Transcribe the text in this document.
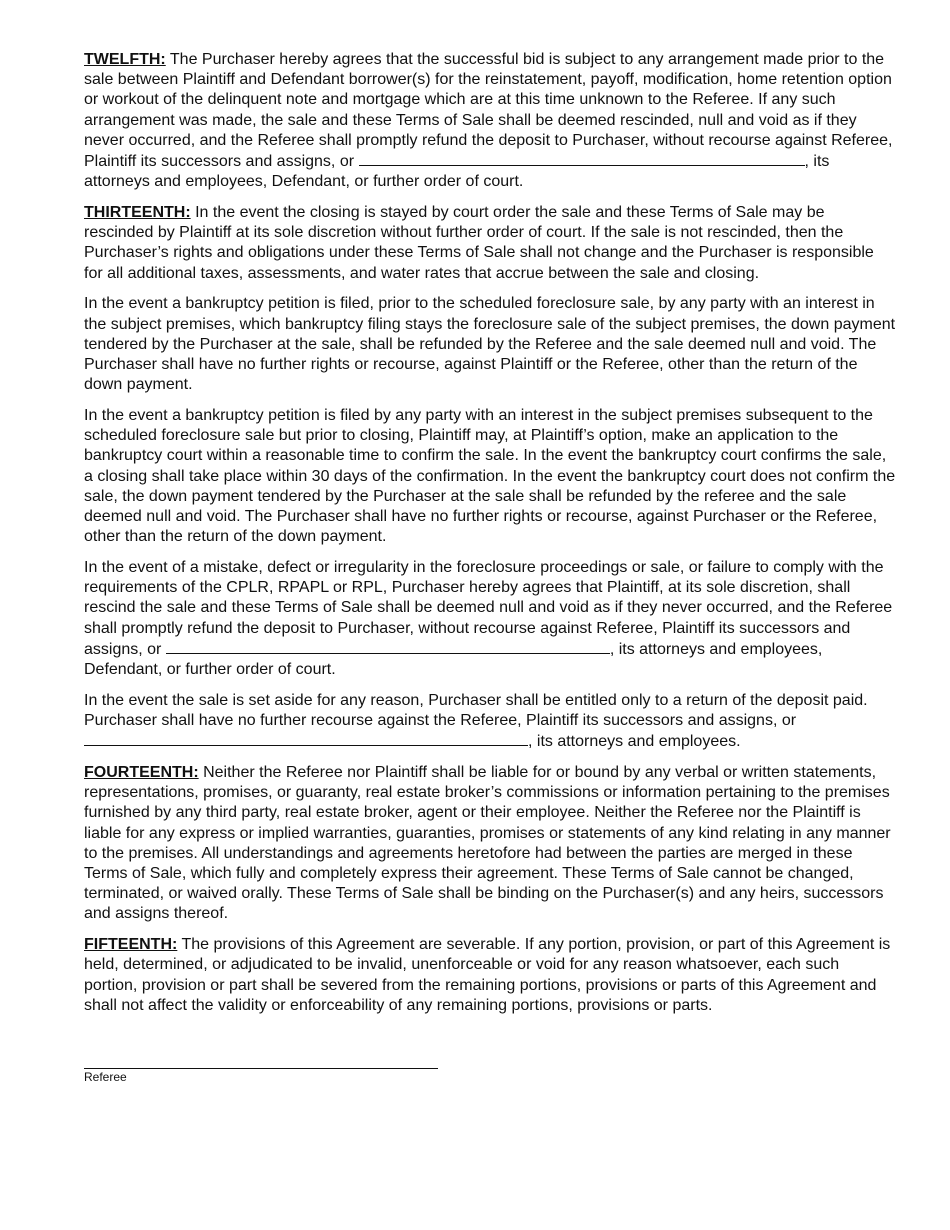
TWELFTH: The Purchaser hereby agrees that the successful bid is subject to any arrangement made prior to the sale between Plaintiff and Defendant borrower(s) for the reinstatement, payoff, modification, home retention option or workout of the delinquent note and mortgage which are at this time unknown to the Referee. If any such arrangement was made, the sale and these Terms of Sale shall be deemed rescinded, null and void as if they never occurred, and the Referee shall promptly refund the deposit to Purchaser, without recourse against Referee, Plaintiff its successors and assigns, or	, its attorneys and employees, Defendant, or further order of court.

THIRTEENTH: In the event the closing is stayed by court order the sale and these Terms of Sale may be rescinded by Plaintiff at its sole discretion without further order of court. If the sale is not rescinded, then the Purchaser’s rights and obligations under these Terms of Sale shall not change and the Purchaser is responsible for all additional taxes, assessments, and water rates that accrue between the sale and closing.

In the event a bankruptcy petition is filed, prior to the scheduled foreclosure sale, by any party with an interest in the subject premises, which bankruptcy filing stays the foreclosure sale of the subject premises, the down payment tendered by the Purchaser at the sale, shall be refunded by the Referee and the sale deemed null and void. The Purchaser shall have no further rights or recourse, against Plaintiff or the Referee, other than the return of the down payment.

In the event a bankruptcy petition is filed by any party with an interest in the subject premises subsequent to the scheduled foreclosure sale but prior to closing, Plaintiff may, at Plaintiff’s option, make an application to the bankruptcy court within a reasonable time to confirm the sale. In the event the bankruptcy court confirms the sale, a closing shall take place within 30 days of the confirmation. In the event the bankruptcy court does not confirm the sale, the down payment tendered by the Purchaser at the sale shall be refunded by the referee and the sale deemed null and void. The Purchaser shall have no further rights or recourse, against Purchaser or the Referee, other than the return of the down payment.

In the event of a mistake, defect or irregularity in the foreclosure proceedings or sale, or failure to comply with the requirements of the CPLR, RPAPL or RPL, Purchaser hereby agrees that Plaintiff, at its sole discretion, shall rescind the sale and these Terms of Sale shall be deemed null and void as if they never occurred, and the Referee shall promptly refund the deposit to Purchaser, without recourse against Referee, Plaintiff its successors and assigns, or	, its attorneys and employees, Defendant, or further order of court.

In the event the sale is set aside for any reason, Purchaser shall be entitled only to a return of the deposit paid. Purchaser shall have no further recourse against the Referee, Plaintiff its successors and assigns, or , its attorneys and employees.

FOURTEENTH: Neither the Referee nor Plaintiff shall be liable for or bound by any verbal or written statements, representations, promises, or guaranty, real estate broker’s commissions or information pertaining to the premises furnished by any third party, real estate broker, agent or their employee. Neither the Referee nor the Plaintiff is liable for any express or implied warranties, guaranties, promises or statements of any kind relating in any manner to the premises. All understandings and agreements heretofore had between the parties are merged in these Terms of Sale, which fully and completely express their agreement. These Terms of Sale cannot be changed, terminated, or waived orally. These Terms of Sale shall be binding on the Purchaser(s) and any heirs, successors and assigns thereof.

FIFTEENTH: The provisions of this Agreement are severable. If any portion, provision, or part of this Agreement is held, determined, or adjudicated to be invalid, unenforceable or void for any reason whatsoever, each such portion, provision or part shall be severed from the remaining portions, provisions or parts of this Agreement and shall not affect the validity or enforceability of any remaining portions, provisions or parts.

Referee
